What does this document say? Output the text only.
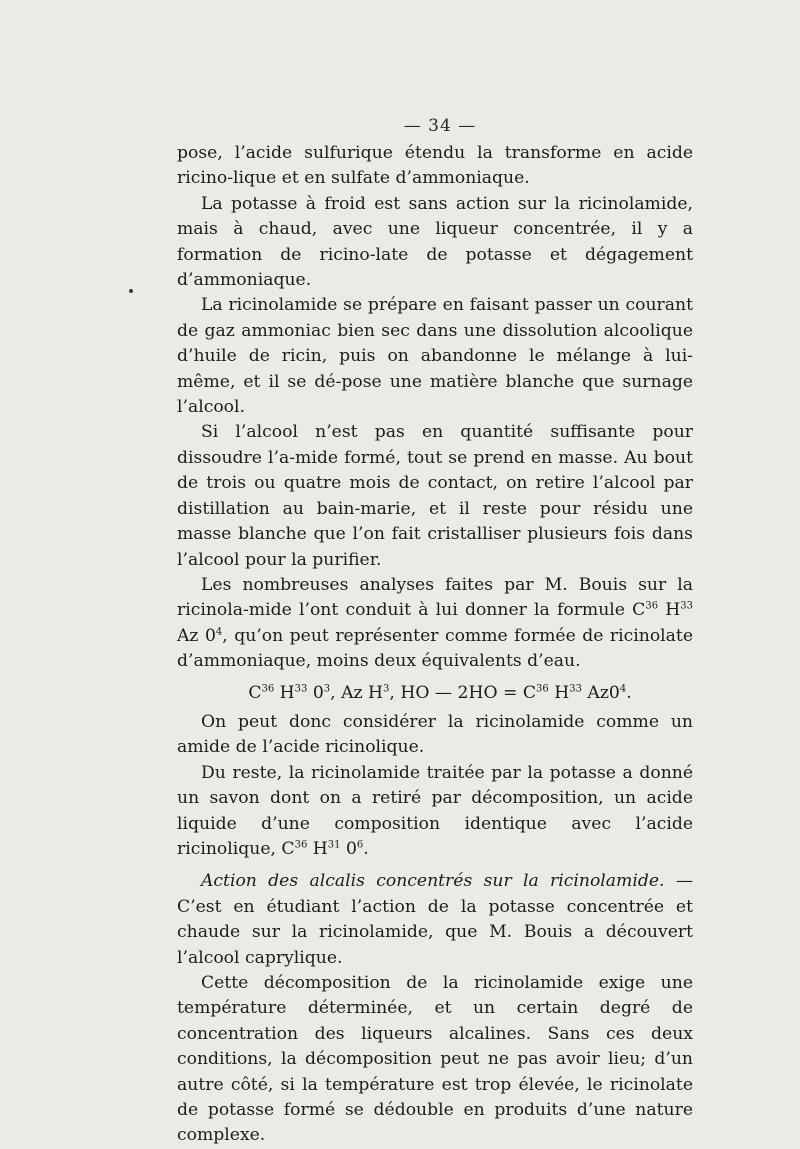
— 34 —

pose, l’acide sulfurique étendu la transforme en acide ricino-lique et en sulfate d’ammoniaque.

La potasse à froid est sans action sur la ricinolamide, mais à chaud, avec une liqueur concentrée, il y a formation de ricino-late de potasse et dégagement d’ammoniaque.

La ricinolamide se prépare en faisant passer un courant de gaz ammoniac bien sec dans une dissolution alcoolique d’huile de ricin, puis on abandonne le mélange à lui-même, et il se dé-pose une matière blanche que surnage l’alcool.

Si l’alcool n’est pas en quantité suffisante pour dissoudre l’a-mide formé, tout se prend en masse. Au bout de trois ou quatre mois de contact, on retire l’alcool par distillation au bain-marie, et il reste pour résidu une masse blanche que l’on fait cristalliser plusieurs fois dans l’alcool pour la purifier.

Les nombreuses analyses faites par M. Bouis sur la ricinola-mide l’ont conduit à lui donner la formule $C^{36}$ $H^{33}$ Az $0^4$, qu’on peut représenter comme formée de ricinolate d’ammoniaque, moins deux équivalents d’eau.

$C^{36}$ $H^{33}$ $0^3$, Az $H^3$, HO — $2HO = C^{36}$ $H^{33}$ $Az0^4$.

On peut donc considérer la ricinolamide comme un amide de l’acide ricinolique.

Du reste, la ricinolamide traitée par la potasse a donné un savon dont on a retiré par décomposition, un acide liquide d’une composition identique avec l’acide ricinolique, $C^{36}$ $H^{31}$ $0^6$.

Action des alcalis concentrés sur la ricinolamide. — C’est en étudiant l’action de la potasse concentrée et chaude sur la ricinolamide, que M. Bouis a découvert l’alcool caprylique.

Cette décomposition de la ricinolamide exige une température déterminée, et un certain degré de concentration des liqueurs alcalines. Sans ces deux conditions, la décomposition peut ne pas avoir lieu; d’un autre côté, si la température est trop élevée, le ricinolate de potasse formé se dédouble en produits d’une nature complexe.
